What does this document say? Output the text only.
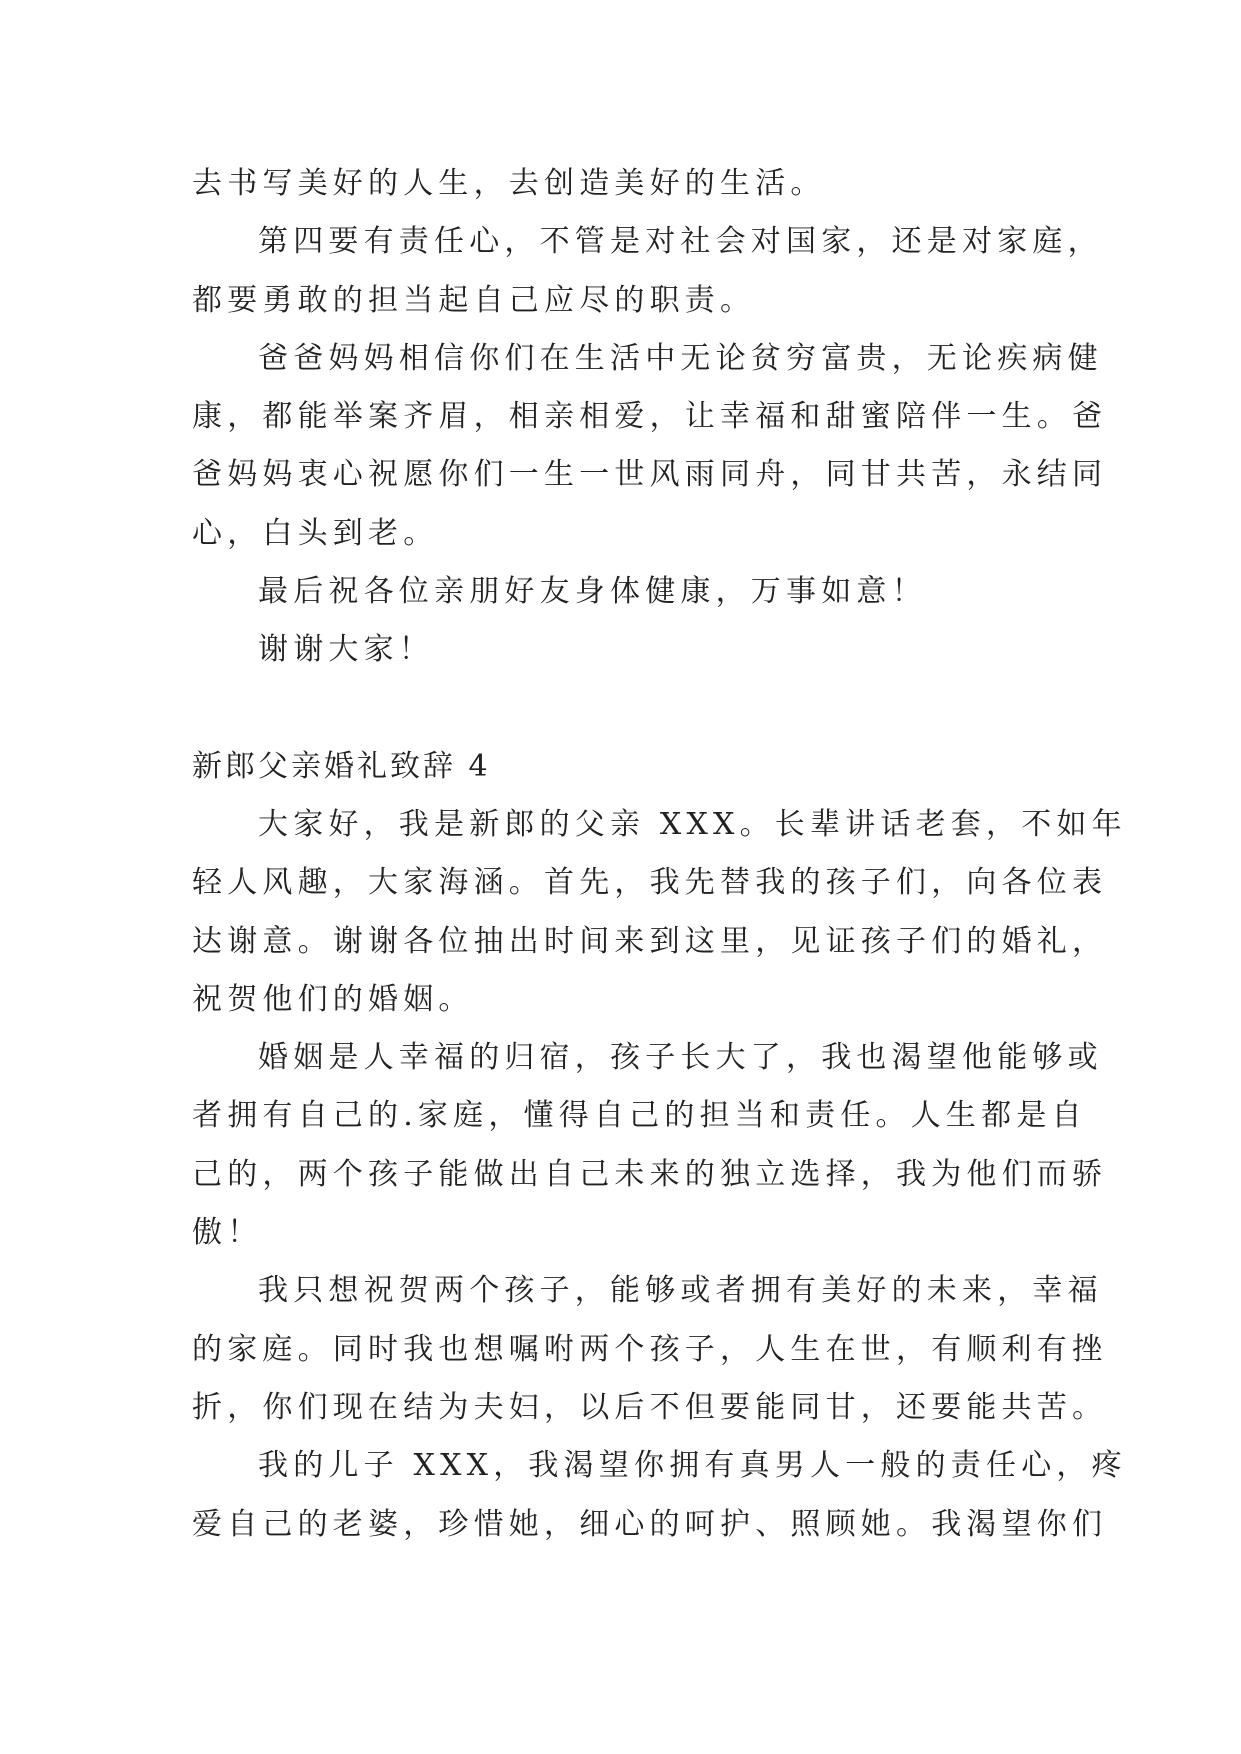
去书写美好的人生，去创造美好的生活。
第四要有责任心，不管是对社会对国家，还是对家庭，
都要勇敢的担当起自己应尽的职责。
爸爸妈妈相信你们在生活中无论贫穷富贵，无论疾病健
康，都能举案齐眉，相亲相爱，让幸福和甜蜜陪伴一生。爸
爸妈妈衷心祝愿你们一生一世风雨同舟，同甘共苦，永结同
心，白头到老。
最后祝各位亲朋好友身体健康，万事如意！
谢谢大家！
新郎父亲婚礼致辞 4
大家好，我是新郎的父亲 XXX。长辈讲话老套，不如年
轻人风趣，大家海涵。首先，我先替我的孩子们，向各位表
达谢意。谢谢各位抽出时间来到这里，见证孩子们的婚礼，
祝贺他们的婚姻。
婚姻是人幸福的归宿，孩子长大了，我也渴望他能够或
者拥有自己的.家庭，懂得自己的担当和责任。人生都是自
己的，两个孩子能做出自己未来的独立选择，我为他们而骄
傲！
我只想祝贺两个孩子，能够或者拥有美好的未来，幸福
的家庭。同时我也想嘱咐两个孩子，人生在世，有顺利有挫
折，你们现在结为夫妇，以后不但要能同甘，还要能共苦。
我的儿子 XXX，我渴望你拥有真男人一般的责任心，疼
爱自己的老婆，珍惜她，细心的呵护、照顾她。我渴望你们
